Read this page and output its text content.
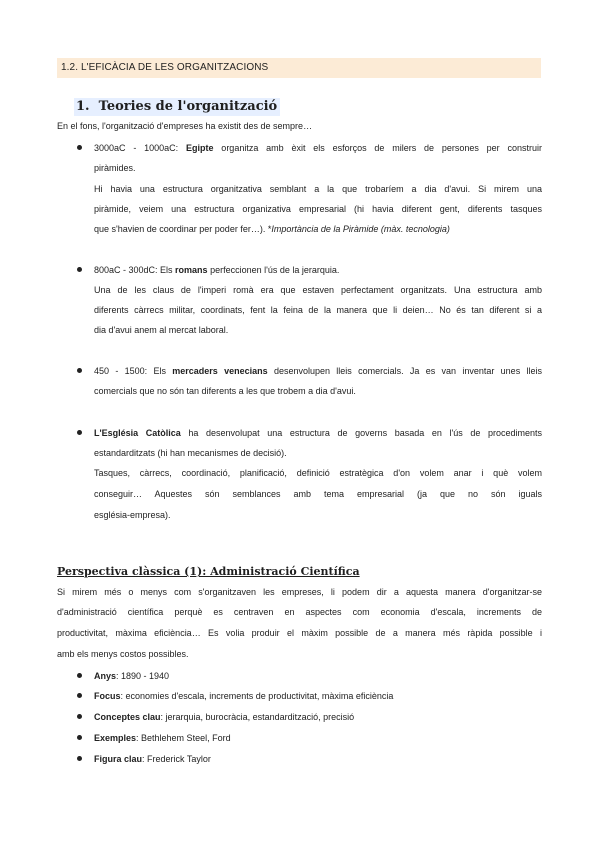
1.2. L'EFICÀCIA DE LES ORGANITZACIONS
1. Teories de l'organització
En el fons, l'organització d'empreses ha existit des de sempre…
3000aC - 1000aC: Egipte organitza amb èxit els esforços de milers de persones per construir
piràmides.
Hi havia una estructura organitzativa semblant a la que trobaríem a dia d'avui. Si mirem una
piràmide, veiem una estructura organizativa empresarial (hi havia diferent gent, diferents tasques
que s'havien de coordinar per poder fer…). *Importància de la Piràmide (màx. tecnologia)
800aC - 300dC: Els romans perfeccionen l'ús de la jerarquia.
Una de les claus de l'imperi romà era que estaven perfectament organitzats. Una estructura amb
diferents càrrecs militar, coordinats, fent la feina de la manera que li deien… No és tan diferent si a
dia d'avui anem al mercat laboral.
450 - 1500: Els mercaders venecians desenvolupen lleis comercials. Ja es van inventar unes lleis
comercials que no són tan diferents a les que trobem a dia d'avui.
L'Església Catòlica ha desenvolupat una estructura de governs basada en l'ús de procediments
estandarditzats (hi han mecanismes de decisió).
Tasques, càrrecs, coordinació, planificació, definició estratègica d'on volem anar i què volem
conseguir… Aquestes són semblances amb tema empresarial (ja que no són iguals
església-empresa).
Perspectiva clàssica (1): Administració Científica
Si mirem més o menys com s'organitzaven les empreses, li podem dir a aquesta manera d'organitzar-se
d'administració científica perquè es centraven en aspectes com economia d'escala, increments de
productivitat, màxima eficiència… Es volia produir el màxim possible de a manera més ràpida possible i
amb els menys costos possibles.
Anys: 1890 - 1940
Focus: economies d'escala, increments de productivitat, màxima eficiència
Conceptes clau: jerarquia, burocràcia, estandardització, precisió
Exemples: Bethlehem Steel, Ford
Figura clau: Frederick Taylor
